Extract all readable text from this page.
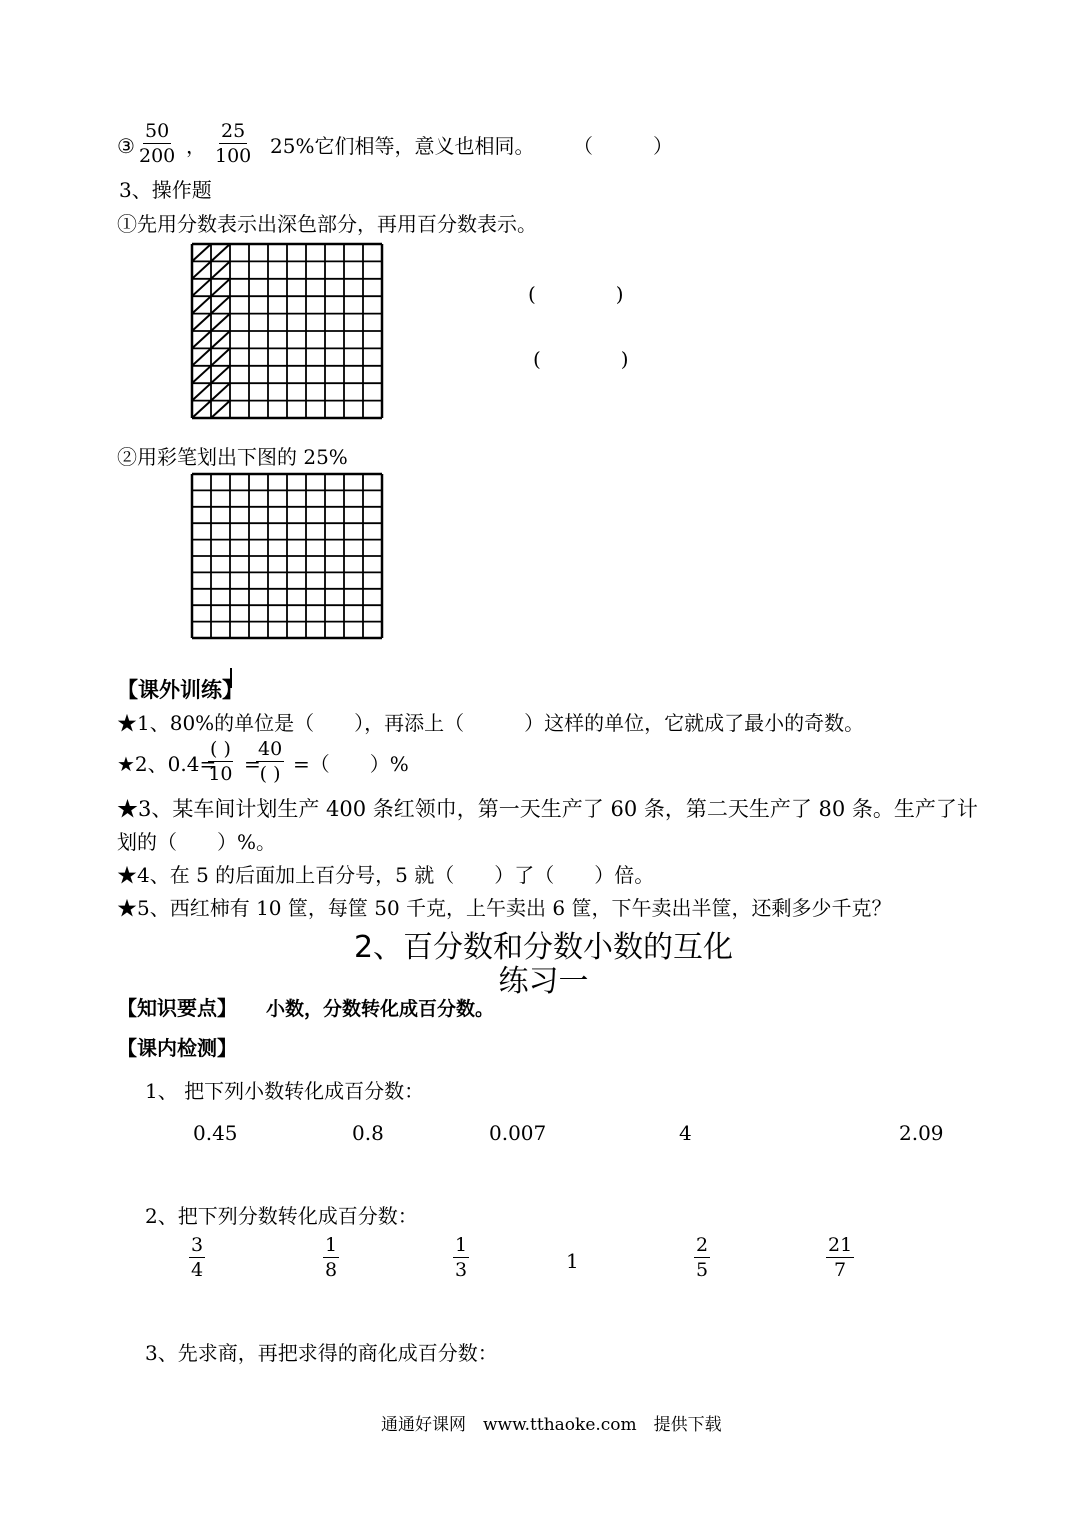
③ $\frac{50}{200}$ ， $\frac{25}{100} 25\%$它们相等，意义也相同。 （　　　）
3、操作题
①先用分数表示出深色部分，再用百分数表示。
(　　　　)
(　　　　)
②用彩笔划出下图的 25%
【课外训练】
★1、80%的单位是（　　），再添上（　　　）这样的单位，它就成了最小的奇数。
★2、0.4=
( )
10 =
40
( ) =（　　）%
★3、某车间计划生产 400 条红领巾，第一天生产了 60 条，第二天生产了 80 条。生产了计
划的（　　）%。
★4、在 5 的后面加上百分号，5 就（　　）了（　　）倍。
★5、西红柿有 10 筐，每筐 50 千克，上午卖出 6 筐，下午卖出半筐，还剩多少千克？
2、百分数和分数小数的互化
练习一
【知识要点】 小数，分数转化成百分数。
【课内检测】
1、 把下列小数转化成百分数：
0.45	0.8	0.007	4	2.09
2、把下列分数转化成百分数：
$\frac{3}{4}$	$\frac{1}{8}$	$\frac{1}{3}$	1	$\frac{2}{5}$	$\frac{21}{7}$
3、先求商，再把求得的商化成百分数：
通通好课网　www.tthaoke.com　提供下载
